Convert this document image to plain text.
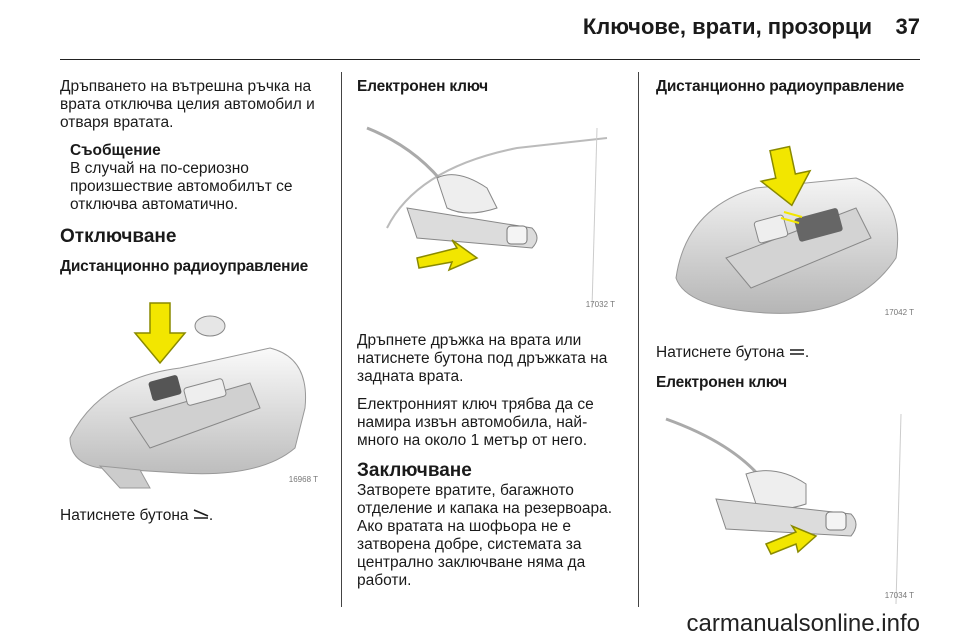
Ключове, врати, прозорци 37

Дръпването на вътрешна ръчка на врата отключва целия автомобил и отваря вратата.

Съобщение
В случай на по-сериозно произшествие автомобилът се отключва автоматично.
Отключване
Дистанционно радиоуправление
16968 T

Натиснете бутона .

Електронен ключ
17032 T

Дръпнете дръжка на врата или натиснете бутона под дръжката на задната врата.

Електронният ключ трябва да се намира извън автомобила, най-много на около 1 метър от него.

Заключване

Затворете вратите, багажното отделение и капака на резервоара. Ако вратата на шофьора не е затворена добре, системата за централно заключване няма да работи.

Дистанционно радиоуправление
17042 T

Натиснете бутона .

Електронен ключ
17034 T
carmanualsonline.info
